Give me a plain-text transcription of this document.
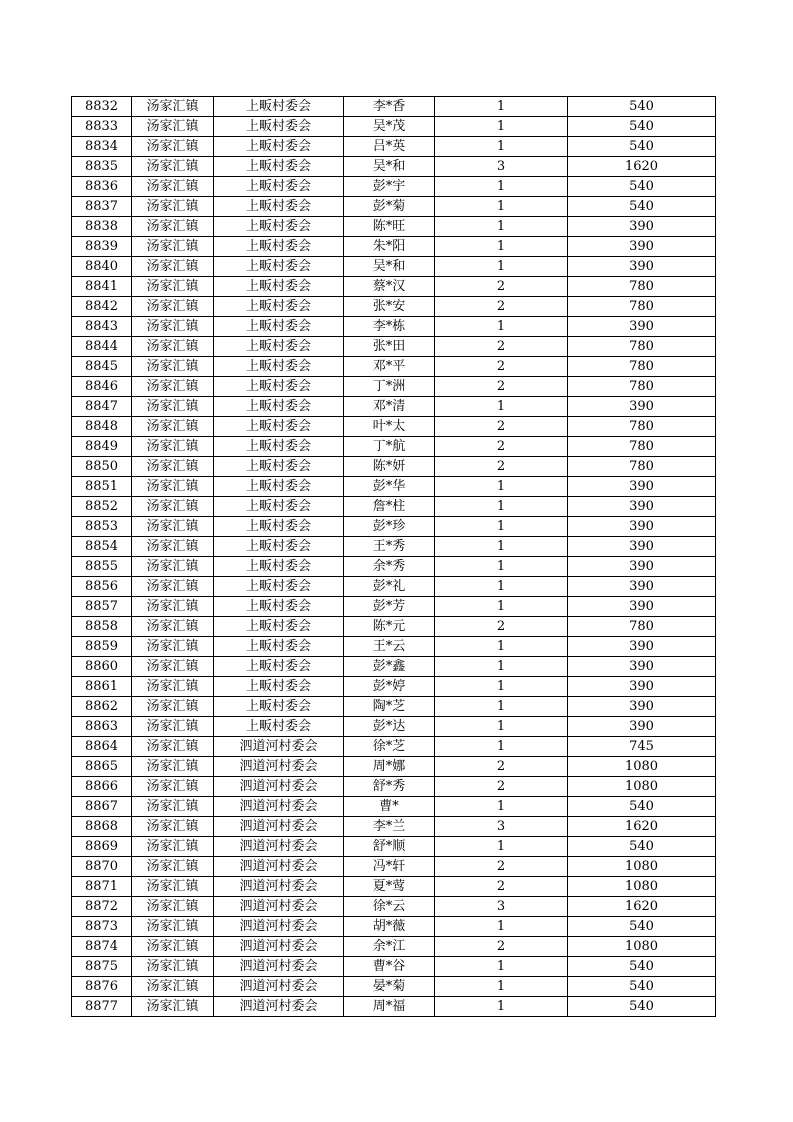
8832	汤家汇镇	上畈村委会	李*香	1	540
8833	汤家汇镇	上畈村委会	吴*茂	1	540
8834	汤家汇镇	上畈村委会	吕*英	1	540
8835	汤家汇镇	上畈村委会	吴*和	3	1620
8836	汤家汇镇	上畈村委会	彭*宇	1	540
8837	汤家汇镇	上畈村委会	彭*菊	1	540
8838	汤家汇镇	上畈村委会	陈*旺	1	390
8839	汤家汇镇	上畈村委会	朱*阳	1	390
8840	汤家汇镇	上畈村委会	吴*和	1	390
8841	汤家汇镇	上畈村委会	蔡*汉	2	780
8842	汤家汇镇	上畈村委会	张*安	2	780
8843	汤家汇镇	上畈村委会	李*栋	1	390
8844	汤家汇镇	上畈村委会	张*田	2	780
8845	汤家汇镇	上畈村委会	邓*平	2	780
8846	汤家汇镇	上畈村委会	丁*洲	2	780
8847	汤家汇镇	上畈村委会	邓*清	1	390
8848	汤家汇镇	上畈村委会	叶*太	2	780
8849	汤家汇镇	上畈村委会	丁*航	2	780
8850	汤家汇镇	上畈村委会	陈*妍	2	780
8851	汤家汇镇	上畈村委会	彭*华	1	390
8852	汤家汇镇	上畈村委会	詹*柱	1	390
8853	汤家汇镇	上畈村委会	彭*珍	1	390
8854	汤家汇镇	上畈村委会	王*秀	1	390
8855	汤家汇镇	上畈村委会	余*秀	1	390
8856	汤家汇镇	上畈村委会	彭*礼	1	390
8857	汤家汇镇	上畈村委会	彭*芳	1	390
8858	汤家汇镇	上畈村委会	陈*元	2	780
8859	汤家汇镇	上畈村委会	王*云	1	390
8860	汤家汇镇	上畈村委会	彭*鑫	1	390
8861	汤家汇镇	上畈村委会	彭*婷	1	390
8862	汤家汇镇	上畈村委会	陶*芝	1	390
8863	汤家汇镇	上畈村委会	彭*达	1	390
8864	汤家汇镇	泗道河村委会	徐*芝	1	745
8865	汤家汇镇	泗道河村委会	周*娜	2	1080
8866	汤家汇镇	泗道河村委会	舒*秀	2	1080
8867	汤家汇镇	泗道河村委会	曹*	1	540
8868	汤家汇镇	泗道河村委会	李*兰	3	1620
8869	汤家汇镇	泗道河村委会	舒*顺	1	540
8870	汤家汇镇	泗道河村委会	冯*轩	2	1080
8871	汤家汇镇	泗道河村委会	夏*莺	2	1080
8872	汤家汇镇	泗道河村委会	徐*云	3	1620
8873	汤家汇镇	泗道河村委会	胡*薇	1	540
8874	汤家汇镇	泗道河村委会	余*江	2	1080
8875	汤家汇镇	泗道河村委会	曹*谷	1	540
8876	汤家汇镇	泗道河村委会	晏*菊	1	540
8877	汤家汇镇	泗道河村委会	周*福	1	540
